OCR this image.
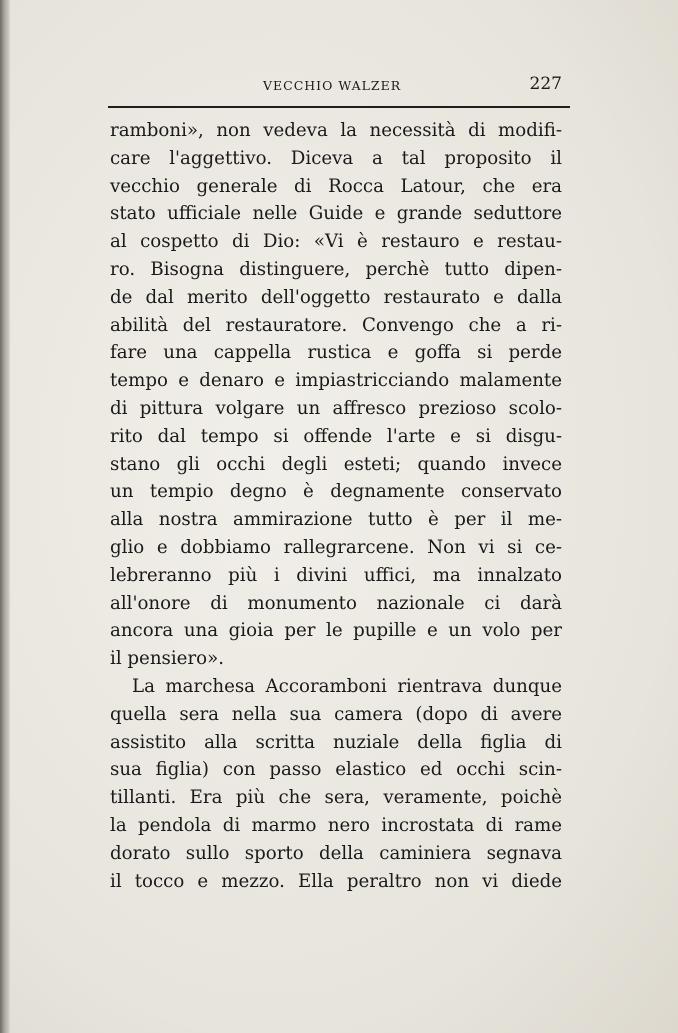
VECCHIO WALZER	227
ramboni», non vedeva la necessità di modifi-
care l'aggettivo. Diceva a tal proposito il
vecchio generale di Rocca Latour, che era
stato ufficiale nelle Guide e grande seduttore
al cospetto di Dio: «Vi è restauro e restau-
ro. Bisogna distinguere, perchè tutto dipen-
de dal merito dell'oggetto restaurato e dalla
abilità del restauratore. Convengo che a ri-
fare una cappella rustica e goffa si perde
tempo e denaro e impiastricciando malamente
di pittura volgare un affresco prezioso scolo-
rito dal tempo si offende l'arte e si disgu-
stano gli occhi degli esteti; quando invece
un tempio degno è degnamente conservato
alla nostra ammirazione tutto è per il me-
glio e dobbiamo rallegrarcene. Non vi si ce-
lebreranno più i divini uffici, ma innalzato
all'onore di monumento nazionale ci darà
ancora una gioia per le pupille e un volo per
il pensiero».
La marchesa Accoramboni rientrava dunque
quella sera nella sua camera (dopo di avere
assistito alla scritta nuziale della figlia di
sua figlia) con passo elastico ed occhi scin-
tillanti. Era più che sera, veramente, poichè
la pendola di marmo nero incrostata di rame
dorato sullo sporto della caminiera segnava
il tocco e mezzo. Ella peraltro non vi diede
